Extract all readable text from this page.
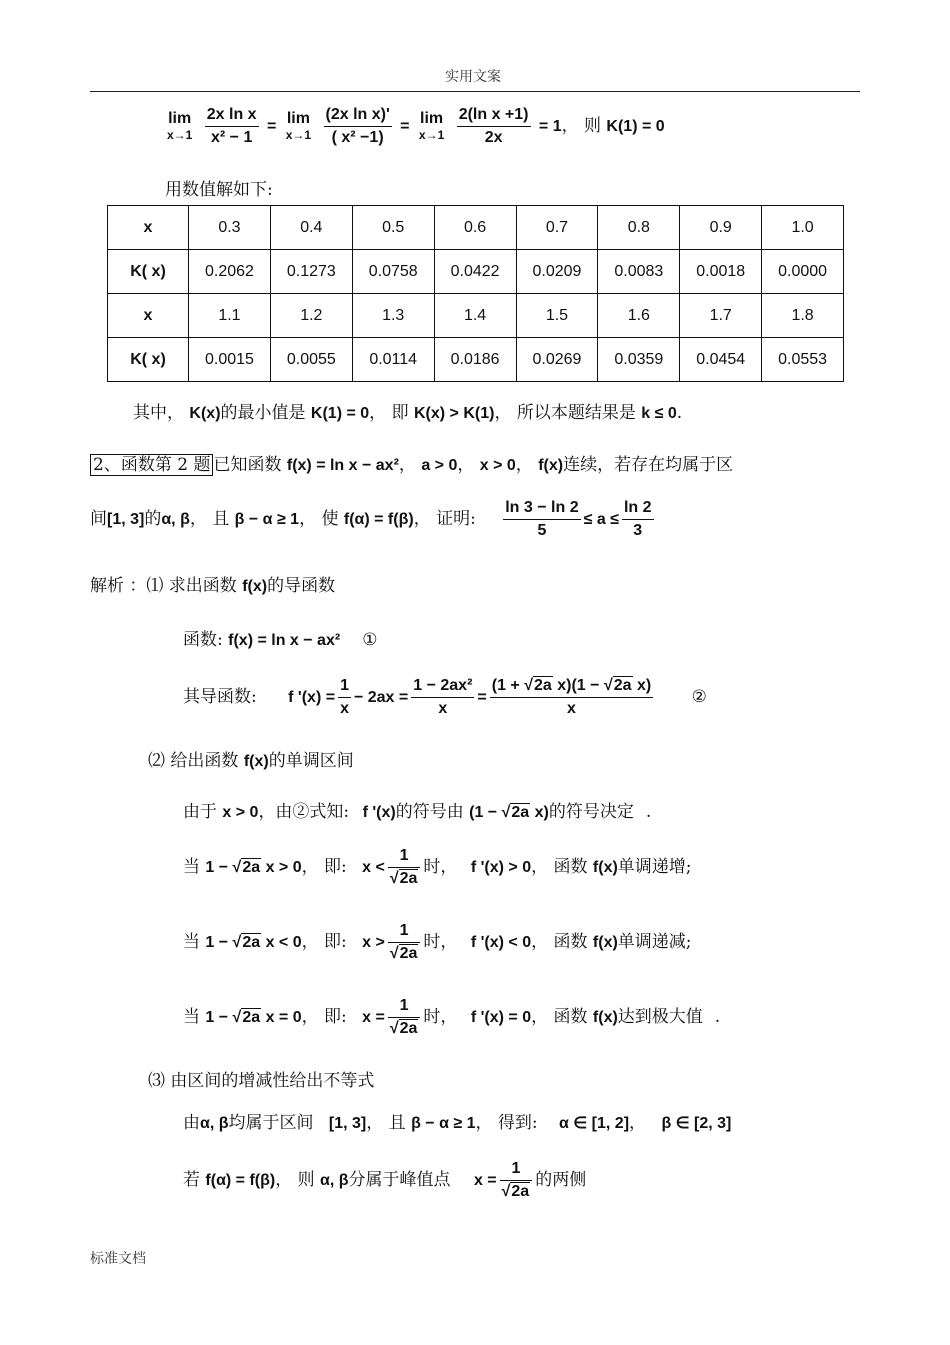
实用文案
lim
x→1
$\frac{\text{2x ln x}}{\text{x² − 1}} = \lim$
x→1
$\frac{\text{(2x ln x)'}}{\text{( x² −1)}} = \lim$
x→1
$\frac{\text{2(ln x +1)}}{2x} = 1$， 则 K(1) = 0
用数值解如下:
x	0.3	0.4	0.5	0.6	0.7	0.8	0.9	1.0
K( x)	0.2062	0.1273	0.0758	0.0422	0.0209	0.0083	0.0018	0.0000
x	1.1	1.2	1.3	1.4	1.5	1.6	1.7	1.8
K( x)	0.0015	0.0055	0.0114	0.0186	0.0269	0.0359	0.0454	0.0553
其中， K(x)的最小值是 K(1) = 0， 即 K(x) > K(1)， 所以本题结果是 k ≤ 0.
2、函数第 2 题 已知函数 f(x) = ln x − ax²， a > 0， x > 0， f(x)连续，若存在均属于区
间[1, 3]的α, β， 且 β − α ≥ 1， 使 f(α) = f(β)， 证明: $\frac{\ln 3 - \ln 2}{5} \le a \le \frac{\ln 2}{3}$
解析 ：⑴ 求出函数 f(x)的导函数
函数: f(x) = ln x − ax² ①
其导函数: f '$(x) = \frac{1}{x} - 2ax = \frac{\text{1 − 2ax²}}{x} = \frac{\text{(1 + √2a x)(1 − √2a x)}}{x}$ ②
⑵ 给出函数 f(x)的单调区间
由于 x > 0，由②式知: f '(x)的符号由 (1 − √2a x)的符号决定 .
当 1 − √2a x > 0， 即: $x < \frac{1}{√2a}$ 时， f '(x) > 0， 函数 f(x)单调递增;
当 1 − √2a x < 0， 即: $x > \frac{1}{√2a}$ 时， f '(x) < 0， 函数 f(x)单调递减;
当 1 − √2a x = 0， 即: $x = \frac{1}{√2a}$ 时， f '(x) = 0， 函数 f(x)达到极大值 .
⑶ 由区间的增减性给出不等式
由α, β均属于区间 [1, 3]， 且 β − α ≥ 1， 得到: α ∈ [1, 2]， β ∈ [2, 3]
若 f(α) = f(β)， 则 α, β分属于峰值点 $x = \frac{1}{√2a}$ 的两侧
标准文档
